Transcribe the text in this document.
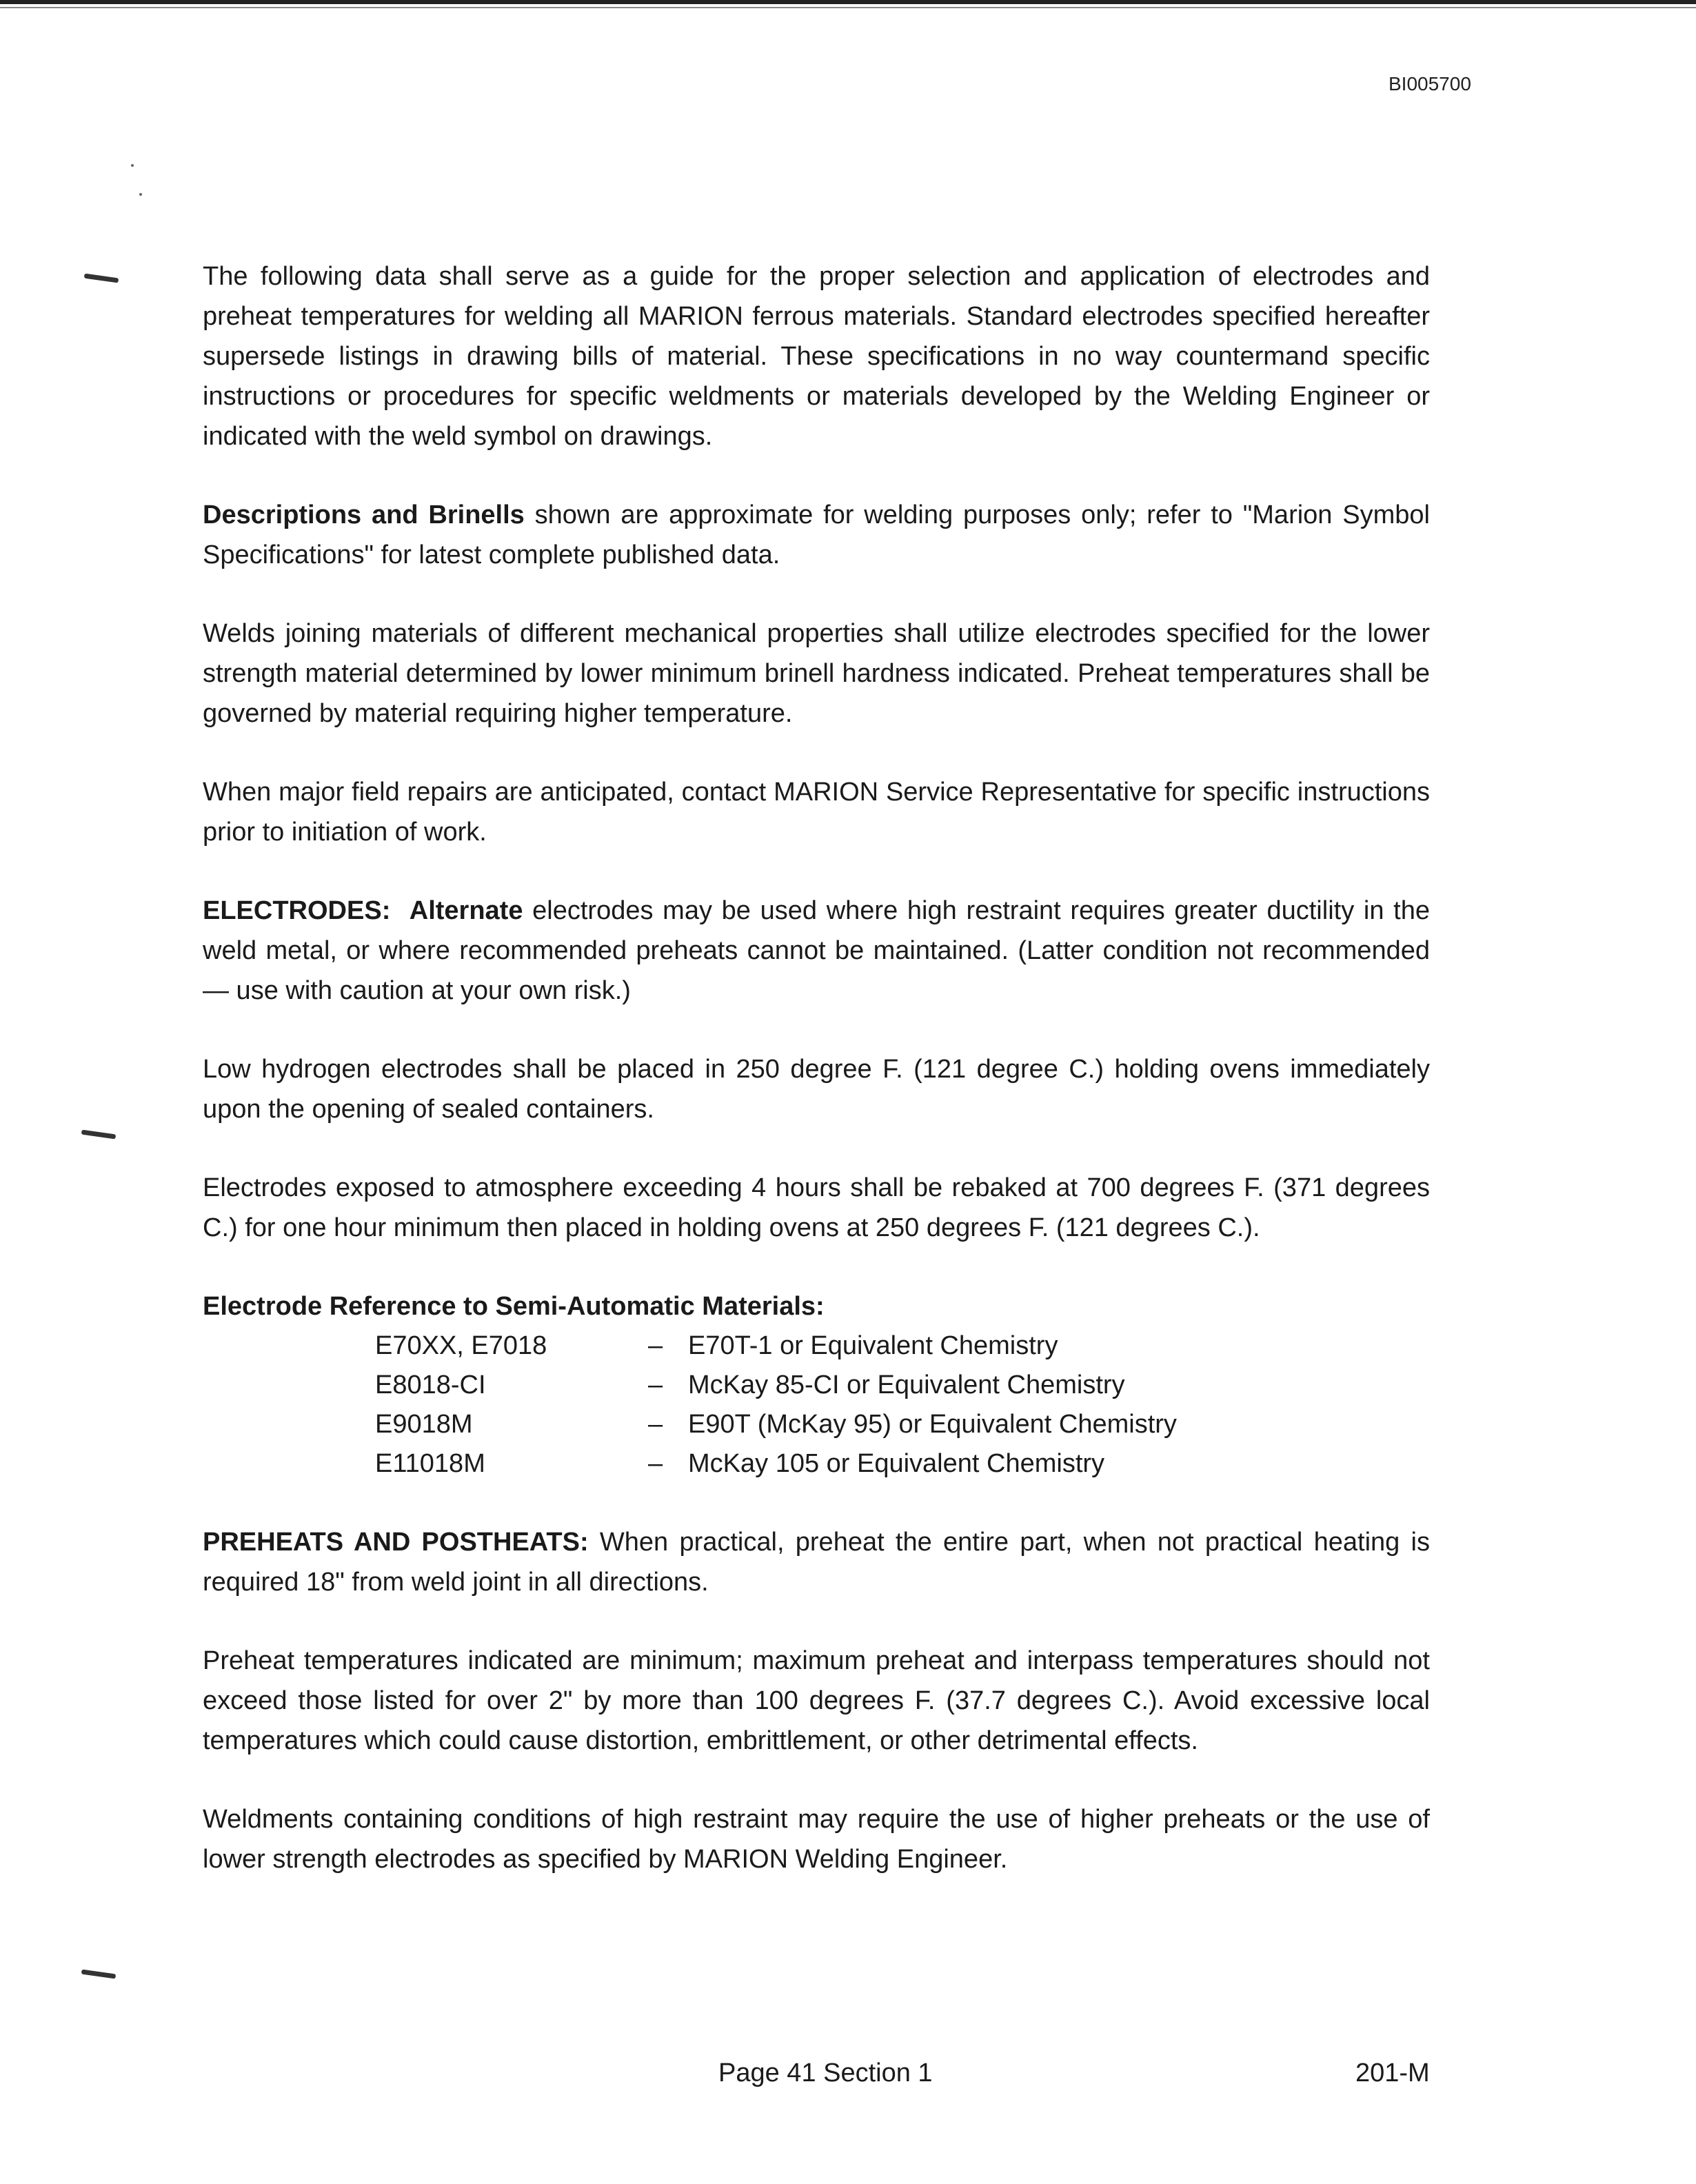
BI005700

The following data shall serve as a guide for the proper selection and application of electrodes and preheat temperatures for welding all MARION ferrous materials. Standard electrodes specified hereafter supersede listings in drawing bills of material. These specifications in no way countermand specific instructions or procedures for specific weldments or materials developed by the Welding Engineer or indicated with the weld symbol on drawings.

Descriptions and Brinells shown are approximate for welding purposes only; refer to "Marion Symbol Specifications" for latest complete published data.

Welds joining materials of different mechanical properties shall utilize electrodes specified for the lower strength material determined by lower minimum brinell hardness indicated. Preheat temperatures shall be governed by material requiring higher temperature.

When major field repairs are anticipated, contact MARION Service Representative for specific instructions prior to initiation of work.

ELECTRODES: Alternate electrodes may be used where high restraint requires greater ductility in the weld metal, or where recommended preheats cannot be maintained. (Latter condition not recommended — use with caution at your own risk.)

Low hydrogen electrodes shall be placed in 250 degree F. (121 degree C.) holding ovens immediately upon the opening of sealed containers.

Electrodes exposed to atmosphere exceeding 4 hours shall be rebaked at 700 degrees F. (371 degrees C.) for one hour minimum then placed in holding ovens at 250 degrees F. (121 degrees C.).

Electrode Reference to Semi-Automatic Materials:

E70XX, E7018	– E70T-1 or Equivalent Chemistry
E8018-CI	– McKay 85-CI or Equivalent Chemistry
E9018M	– E90T (McKay 95) or Equivalent Chemistry
E11018M	– McKay 105 or Equivalent Chemistry

PREHEATS AND POSTHEATS: When practical, preheat the entire part, when not practical heating is required 18" from weld joint in all directions.

Preheat temperatures indicated are minimum; maximum preheat and interpass temperatures should not exceed those listed for over 2" by more than 100 degrees F. (37.7 degrees C.). Avoid excessive local temperatures which could cause distortion, embrittlement, or other detrimental effects.

Weldments containing conditions of high restraint may require the use of higher preheats or the use of lower strength electrodes as specified by MARION Welding Engineer.

Page 41 Section 1	201-M
